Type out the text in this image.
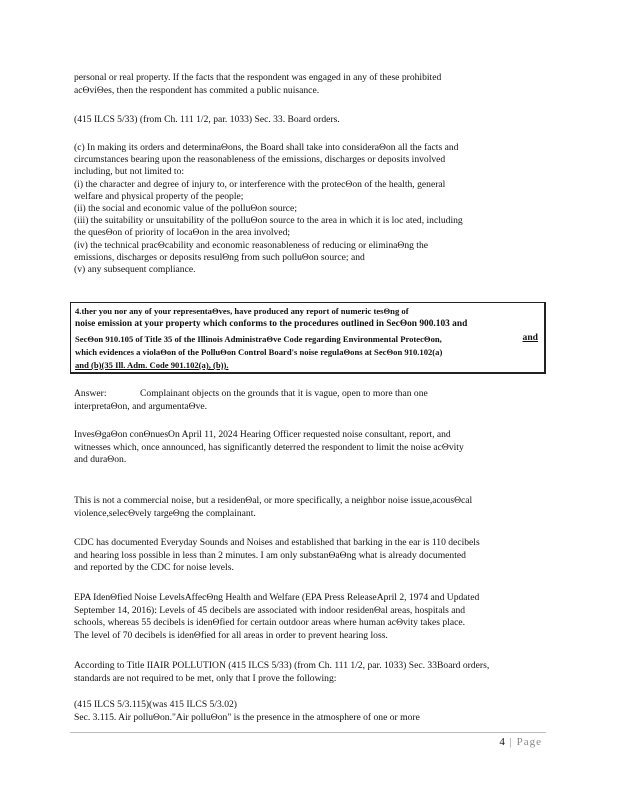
personal or real property. If the facts that the respondent was engaged in any of these prohibited
acΘviΘes, then the respondent has commited a public nuisance.
(415 ILCS 5/33) (from Ch. 111 1/2, par. 1033) Sec. 33. Board orders.
(c) In making its orders and determinaΘons, the Board shall take into consideraΘon all the facts and
circumstances bearing upon the reasonableness of the emissions, discharges or deposits involved
including, but not limited to:
(i) the character and degree of injury to, or interference with the protecΘon of the health, general
welfare and physical property of the people;
(ii) the social and economic value of the polluΘon source;
(iii) the suitability or unsuitability of the polluΘon source to the area in which it is loc ated, including
the quesΘon of priority of locaΘon in the area involved;
(iv) the technical pracΘcability and economic reasonableness of reducing or eliminaΘng the
emissions, discharges or deposits resulΘng from such polluΘon source; and
(v) any subsequent compliance.
4.ther you nor any of your representaΘves, have produced any report of numeric tesΘng of
noise emission at your property which conforms to the procedures outlined in SecΘon 900.103 and
SecΘon 910.105 of Title 35 of the Illinois AdministraΘve Code regarding Environmental ProtecΘon,
which evidences a violaΘon of the PolluΘon Control Board's noise regulaΘons at SecΘon 910.102(a)
and (b)(35 Ill. Adm. Code 901.102(a), (b)).
and
Answer:	Complainant objects on the grounds that it is vague, open to more than one
interpretaΘon, and argumentaΘve.
InvesΘgaΘon conΘnuesOn April 11, 2024 Hearing Officer requested noise consultant, report, and
witnesses which, once announced, has significantly deterred the respondent to limit the noise acΘvity
and duraΘon.
This is not a commercial noise, but a residenΘal, or more specifically, a neighbor noise issue,acousΘcal
violence,selecΘvely targeΘng the complainant.
CDC has documented Everyday Sounds and Noises and established that barking in the ear is 110 decibels
and hearing loss possible in less than 2 minutes. I am only substanΘaΘng what is already documented
and reported by the CDC for noise levels.
EPA IdenΘfied Noise LevelsAffecΘng Health and Welfare (EPA Press ReleaseApril 2, 1974 and Updated
September 14, 2016): Levels of 45 decibels are associated with indoor residenΘal areas, hospitals and
schools, whereas 55 decibels is idenΘfied for certain outdoor areas where human acΘvity takes place.
The level of 70 decibels is idenΘfied for all areas in order to prevent hearing loss.
According to Title IIAIR POLLUTION (415 ILCS 5/33) (from Ch. 111 1/2, par. 1033) Sec. 33Board orders,
standards are not required to be met, only that I prove the following:
(415 ILCS 5/3.115)(was 415 ILCS 5/3.02)
Sec. 3.115. Air polluΘon."Air polluΘon" is the presence in the atmosphere of one or more
4 | Page
